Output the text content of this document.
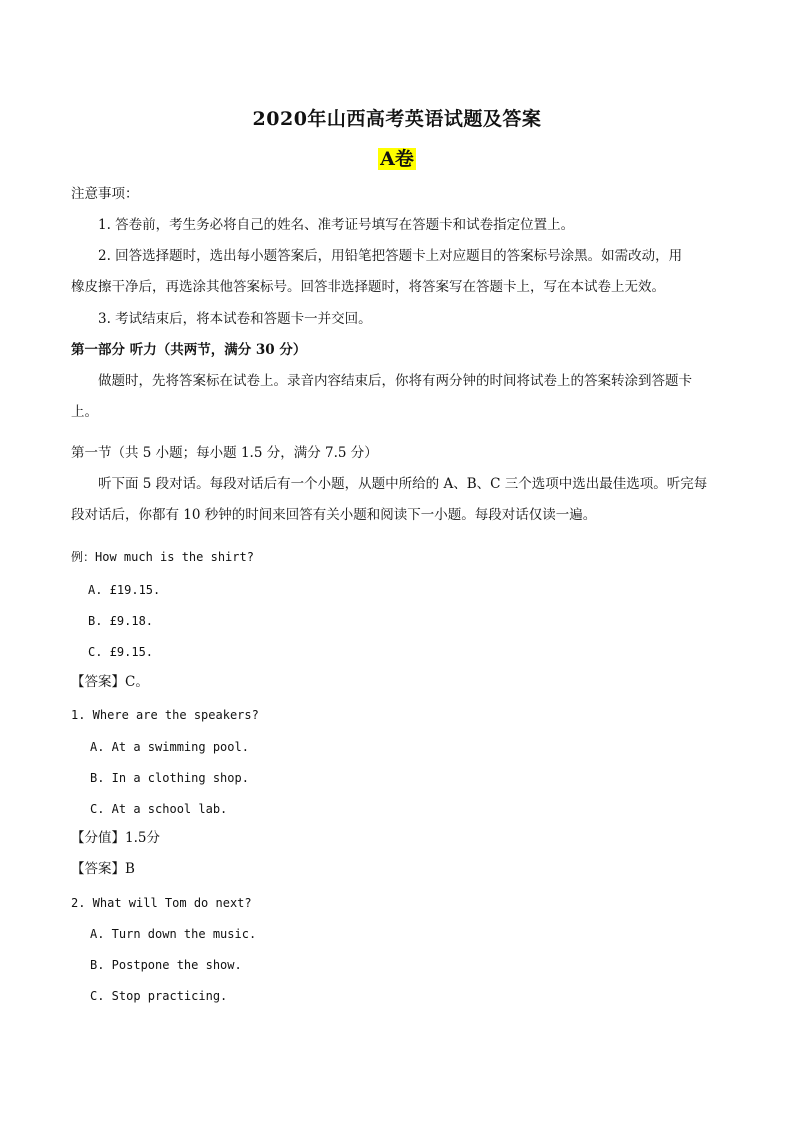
2020年山西高考英语试题及答案
A卷
注意事项：
1. 答卷前，考生务必将自己的姓名、准考证号填写在答题卡和试卷指定位置上。
2. 回答选择题时，选出每小题答案后，用铅笔把答题卡上对应题目的答案标号涂黑。如需改动，用
橡皮擦干净后，再选涂其他答案标号。回答非选择题时，将答案写在答题卡上，写在本试卷上无效。
3. 考试结束后，将本试卷和答题卡一并交回。
第一部分 听力（共两节，满分 30 分）
做题时，先将答案标在试卷上。录音内容结束后，你将有两分钟的时间将试卷上的答案转涂到答题卡
上。
第一节（共 5 小题；每小题 1.5 分，满分 7.5 分）
听下面 5 段对话。每段对话后有一个小题，从题中所给的 A、B、C 三个选项中选出最佳选项。听完每
段对话后，你都有 10 秒钟的时间来回答有关小题和阅读下一小题。每段对话仅读一遍。
例：How much is the shirt?
A. £19.15.
B. £9.18.
C. £9.15.
【答案】C。
1. Where are the speakers?
A. At a swimming pool.
B. In a clothing shop.
C. At a school lab.
【分值】1.5分
【答案】B
2. What will Tom do next?
A. Turn down the music.
B. Postpone the show.
C. Stop practicing.
